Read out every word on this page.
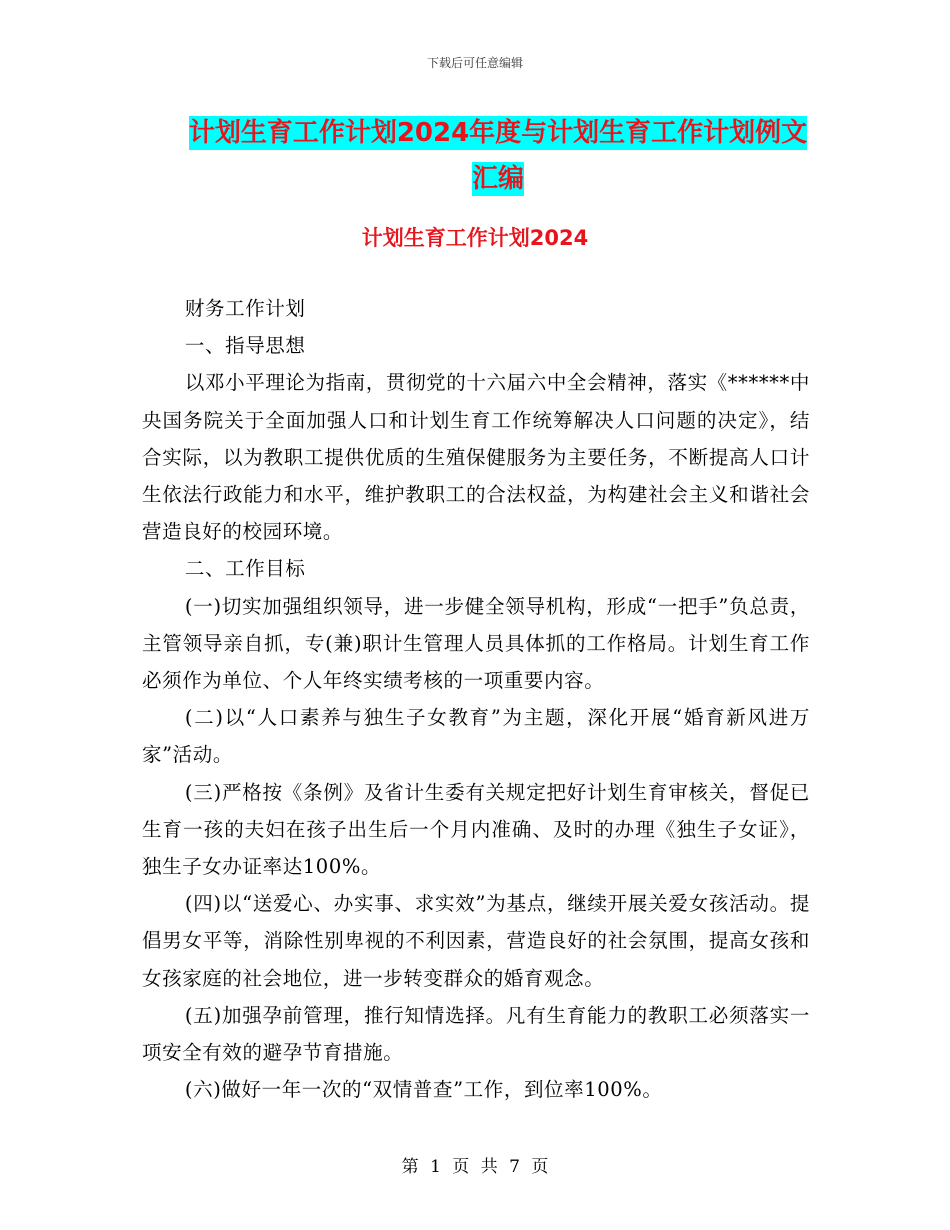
下载后可任意编辑
计划生育工作计划2024年度与计划生育工作计划例文
汇编
计划生育工作计划2024

财务工作计划

一、指导思想

以邓小平理论为指南，贯彻党的十六届六中全会精神，落实《******中央国务院关于全面加强人口和计划生育工作统筹解决人口问题的决定》，结合实际，以为教职工提供优质的生殖保健服务为主要任务，不断提高人口计生依法行政能力和水平，维护教职工的合法权益，为构建社会主义和谐社会营造良好的校园环境。

二、工作目标

(一)切实加强组织领导，进一步健全领导机构，形成“一把手”负总责，主管领导亲自抓，专(兼)职计生管理人员具体抓的工作格局。计划生育工作必须作为单位、个人年终实绩考核的一项重要内容。

(二)以“人口素养与独生子女教育”为主题，深化开展“婚育新风进万家”活动。

(三)严格按《条例》及省计生委有关规定把好计划生育审核关，督促已生育一孩的夫妇在孩子出生后一个月内准确、及时的办理《独生子女证》，独生子女办证率达100%。

(四)以“送爱心、办实事、求实效”为基点，继续开展关爱女孩活动。提倡男女平等，消除性别卑视的不利因素，营造良好的社会氛围，提高女孩和女孩家庭的社会地位，进一步转变群众的婚育观念。

(五)加强孕前管理，推行知情选择。凡有生育能力的教职工必须落实一项安全有效的避孕节育措施。

(六)做好一年一次的“双情普查”工作，到位率100%。

第 1 页 共 7 页
